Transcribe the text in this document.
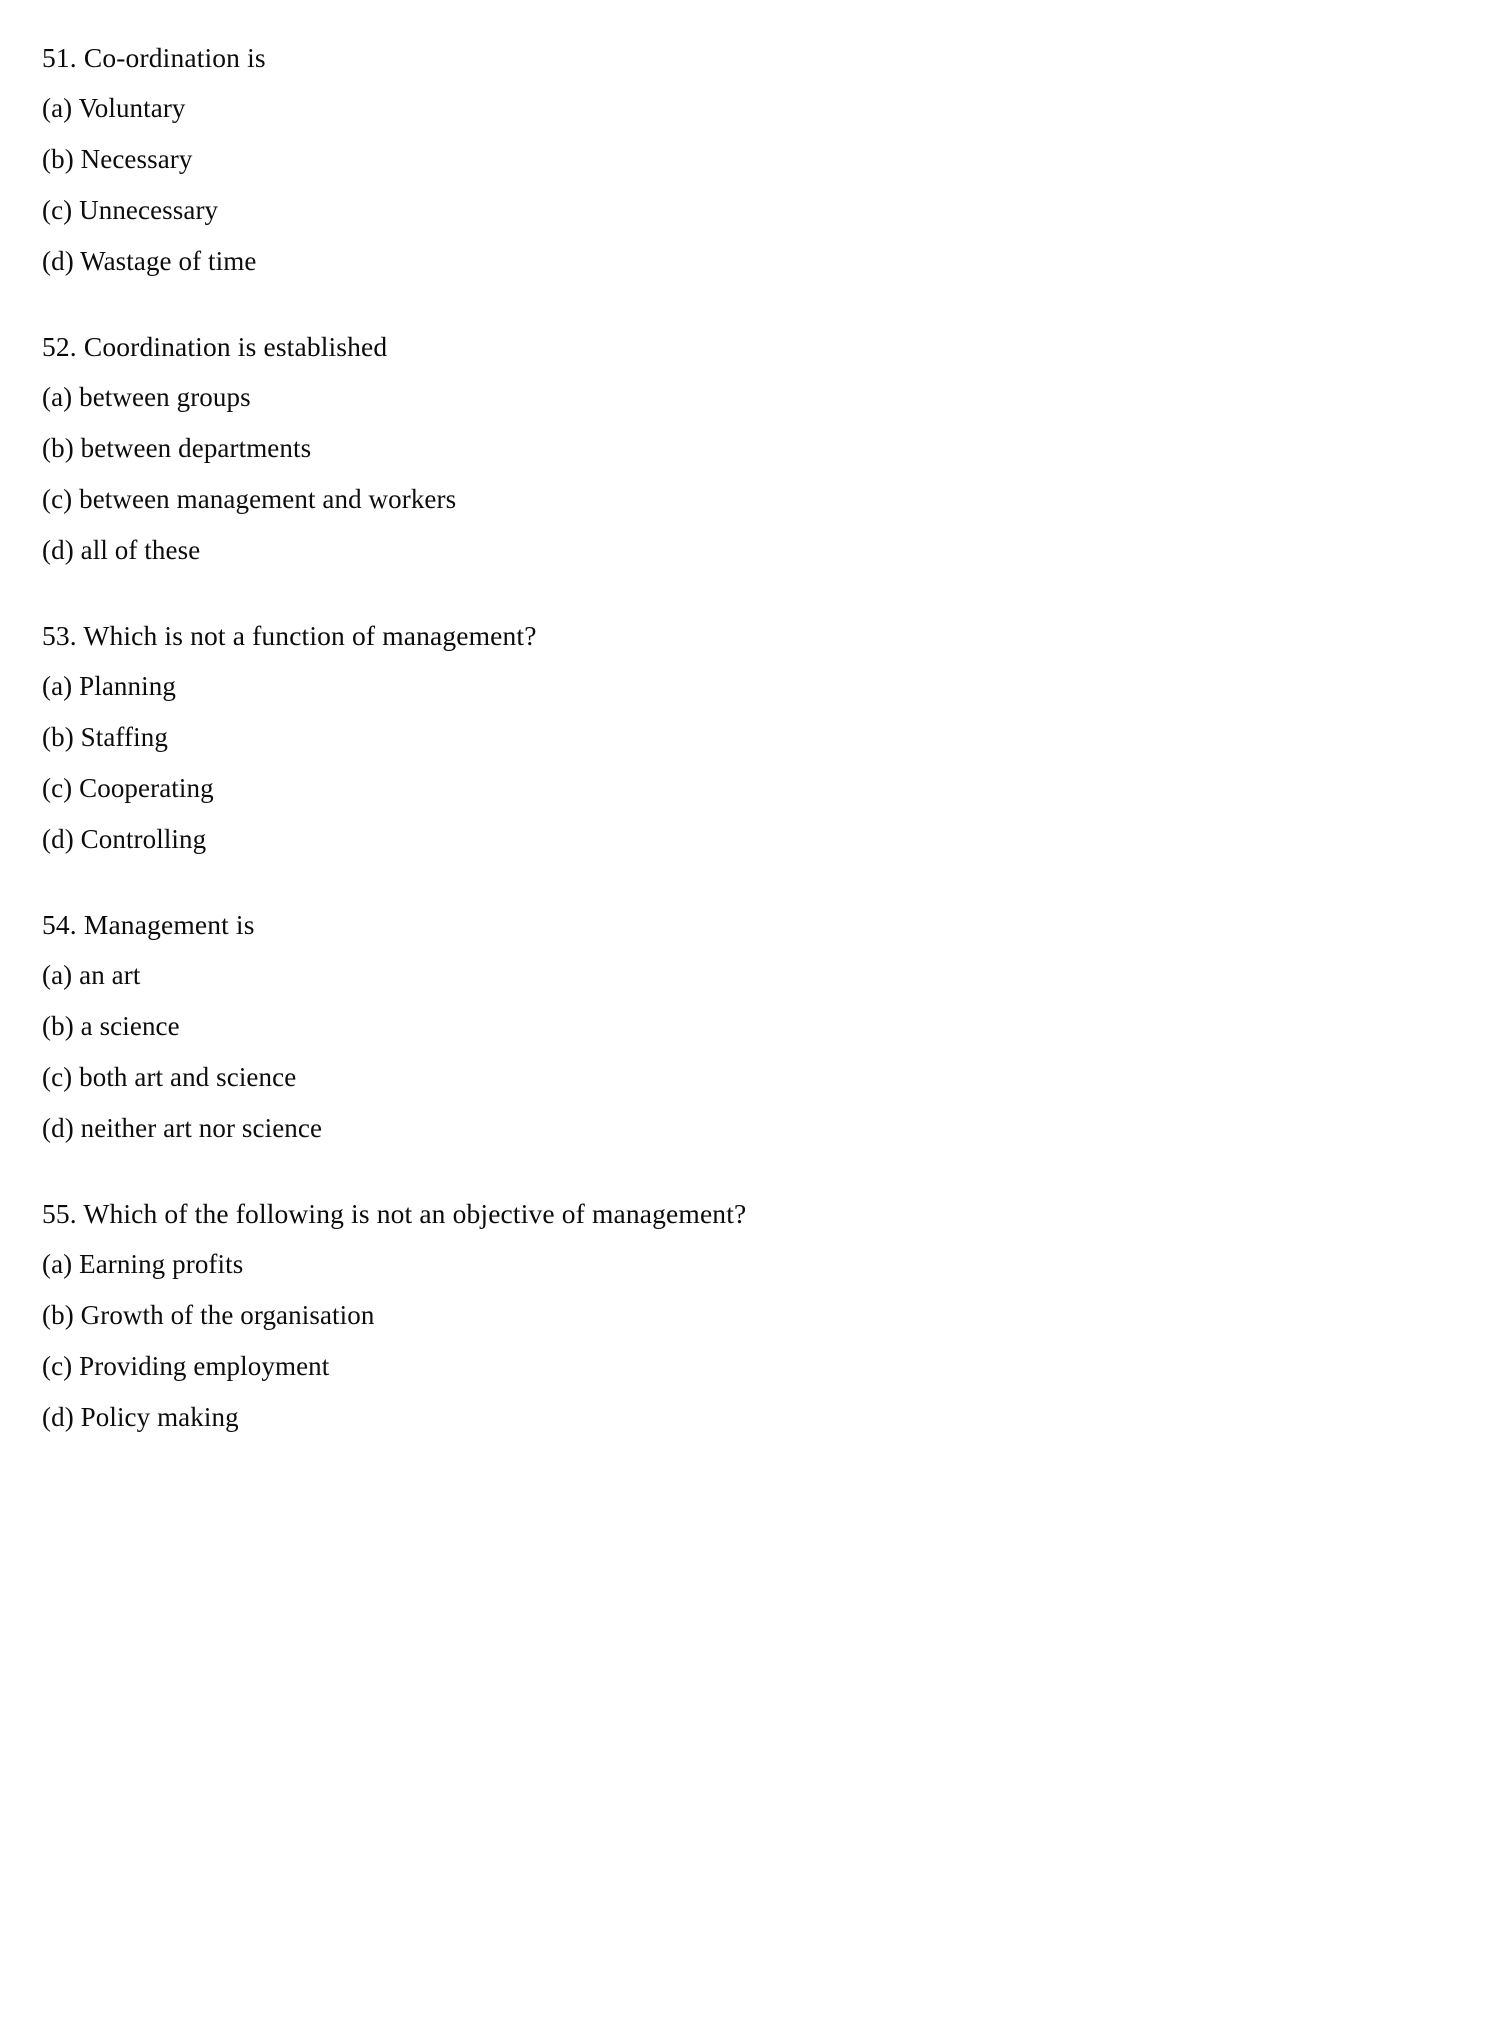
51. Co-ordination is

(a) Voluntary
(b) Necessary
(c) Unnecessary
(d) Wastage of time

52. Coordination is established

(a) between groups
(b) between departments
(c) between management and workers
(d) all of these

53. Which is not a function of management?

(a) Planning
(b) Staffing
(c) Cooperating
(d) Controlling

54. Management is

(a) an art
(b) a science
(c) both art and science
(d) neither art nor science

55. Which of the following is not an objective of management?

(a) Earning profits
(b) Growth of the organisation
(c) Providing employment
(d) Policy making
